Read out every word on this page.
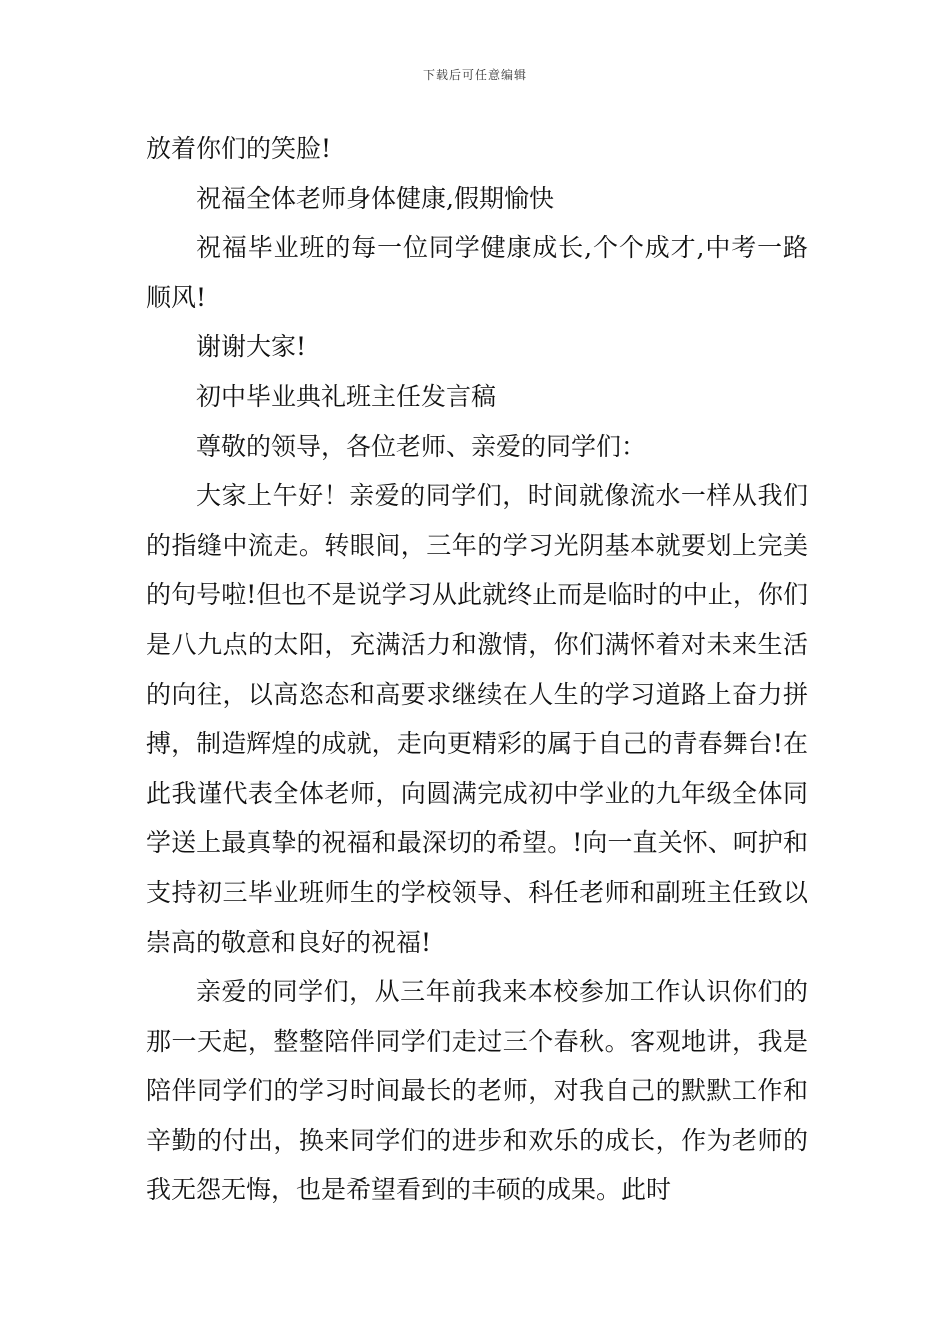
下载后可任意编辑

放着你们的笑脸!

祝福全体老师身体健康,假期愉快

祝福毕业班的每一位同学健康成长,个个成才,中考一路顺风!

谢谢大家!

初中毕业典礼班主任发言稿

尊敬的领导，各位老师、亲爱的同学们：

大家上午好！亲爱的同学们，时间就像流水一样从我们的指缝中流走。转眼间，三年的学习光阴基本就要划上完美的句号啦!但也不是说学习从此就终止而是临时的中止，你们是八九点的太阳，充满活力和激情，你们满怀着对未来生活的向往，以高恣态和高要求继续在人生的学习道路上奋力拼搏，制造辉煌的成就，走向更精彩的属于自己的青春舞台!在此我谨代表全体老师，向圆满完成初中学业的九年级全体同学送上最真挚的祝福和最深切的希望。!向一直关怀、呵护和支持初三毕业班师生的学校领导、科任老师和副班主任致以崇高的敬意和良好的祝福!

亲爱的同学们，从三年前我来本校参加工作认识你们的那一天起，整整陪伴同学们走过三个春秋。客观地讲，我是陪伴同学们的学习时间最长的老师，对我自己的默默工作和辛勤的付出，换来同学们的进步和欢乐的成长，作为老师的我无怨无悔，也是希望看到的丰硕的成果。此时
